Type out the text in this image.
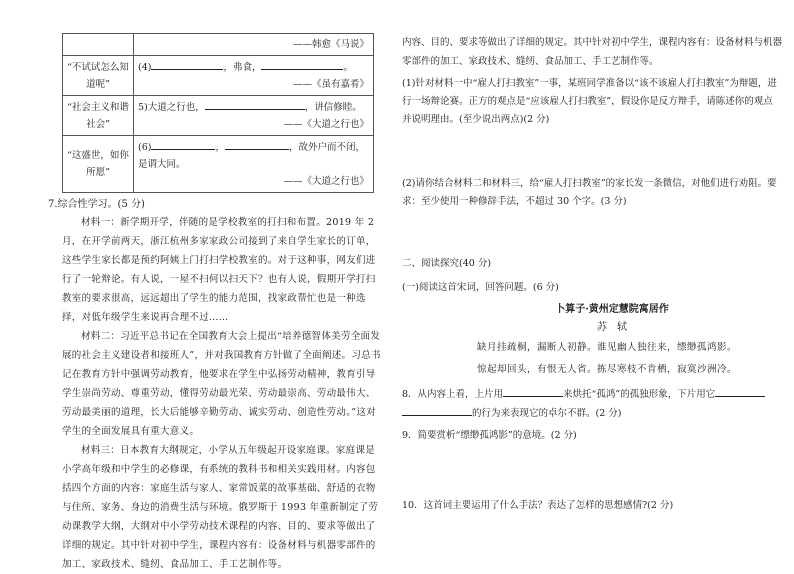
	——韩愈《马说》

“不试试怎么知道呢”	(4) ，弗食， 。
——《虽有嘉肴》

“社会主义和谐社会”	5)大道之行也， ，讲信修睦。
——《大道之行也》

“这盛世，如你所愿”	(6) ， ，故外户而不闭，是谓大同。
——《大道之行也》
7.综合性学习。(5 分)
材料一：新学期开学，伴随的是学校教室的打扫和布置。2019 年 2 月，在开学前两天，浙江杭州多家家政公司接到了来自学生家长的订单，这些学生家长都是预约阿姨上门打扫学校教室的。对于这种事，网友们进行了一轮辩论。有人说，一屋不扫何以扫天下？也有人说，假期开学打扫教室的要求很高，远远超出了学生的能力范围，找家政帮忙也是一种选择，对低年级学生来说再合理不过……
材料二：习近平总书记在全国教育大会上提出“培养德智体美劳全面发展的社会主义建设者和接班人”，并对我国教育方针做了全面阐述。习总书记在教育方针中强调劳动教育，他要求在学生中弘扬劳动精神，教育引导学生崇尚劳动、尊重劳动，懂得劳动最光荣、劳动最崇高、劳动最伟大、劳动最美丽的道理，长大后能够辛勤劳动、诚实劳动、创造性劳动。”这对学生的全面发展具有重大意义。
材料三：日本教育大纲规定，小学从五年级起开设家庭课。家庭课是小学高年级和中学生的必修课，有系统的教科书和相关实践用材。内容包括四个方面的内容：家庭生活与家人、家常饭菜的故事基础、舒适的衣物与住所、家务、身边的消费生活与环境。俄罗斯于 1993 年重新制定了劳动课教学大纲，大纲对中小学劳动技术课程的内容、目的、要求等做出了详细的规定。其中针对初中学生，课程内容有：设备材料与机器零部件的加工、家政技术、缝纫、食品加工、手工艺制作等。
内容、目的、要求等做出了详细的规定。其中针对初中学生，课程内容有：设备材料与机器零部件的加工、家政技术、缝纫、食品加工、手工艺制作等。
(1)针对材料一中“雇人打扫教室”一事，某班同学准备以“该不该雇人打扫教室”为辩题，进行一场辩论赛。正方的观点是“应该雇人打扫教室”，假设你是反方辩手，请陈述你的观点并说明理由。(至少说出两点)(2 分)
(2)请你结合材料二和材料三，给“雇人打扫教室”的家长发一条微信，对他们进行劝阻。要求：至少使用一种修辞手法，不超过 30 个字。(3 分)
二、阅读探究(40 分)
(一)阅读这首宋词，回答问题。(6 分)
卜算子·黄州定慧院寓居作
苏　轼
缺月挂疏桐，漏断人初静。谁见幽人独往来，缥缈孤鸿影。
惊起却回头，有恨无人省。拣尽寒枝不肯栖，寂寞沙洲冷。
8．从内容上看，上片用	来烘托“孤鸿”的孤独形象，下片用它
的行为来表现它的卓尔不群。(2 分)
9．简要赏析“缥缈孤鸿影”的意境。(2 分)
10．这首词主要运用了什么手法？表达了怎样的思想感情?(2 分)
